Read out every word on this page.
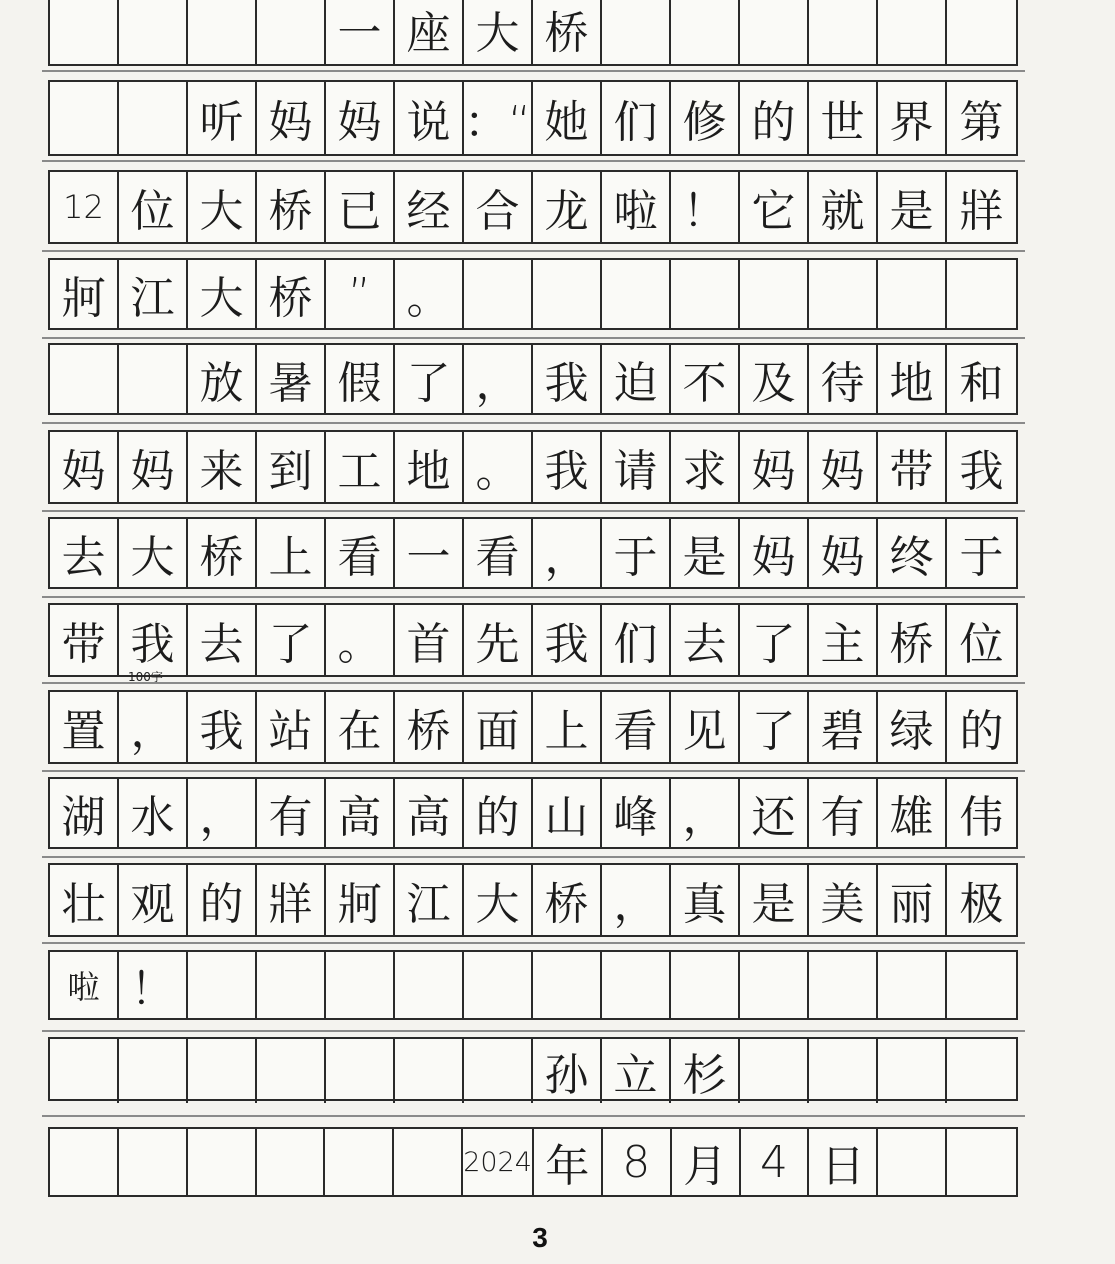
一 座 大 桥
听 妈 妈 说 ：“ 她 们 修 的 世 界 第
12 位 大 桥 已 经 合 龙 啦 ！ 它 就 是 牂
牁 江 大 桥 ” 。
放 暑 假 了 ， 我 迫 不 及 待 地 和
妈 妈 来 到 工 地 。 我 请 求 妈 妈 带 我
去 大 桥 上 看 一 看 ， 于 是 妈 妈 终 于
带 我 去 了 。 首 先 我 们 去 了 主 桥 位
置 ， 我 站 在 桥 面 上 看 见 了 碧 绿 的
湖 水 ， 有 高 高 的 山 峰 ， 还 有 雄 伟
壮 观 的 牂 牁 江 大 桥 ， 真 是 美 丽 极
啦 ！
孙 立 杉
2024 年 8 月 4 日
100字
3
